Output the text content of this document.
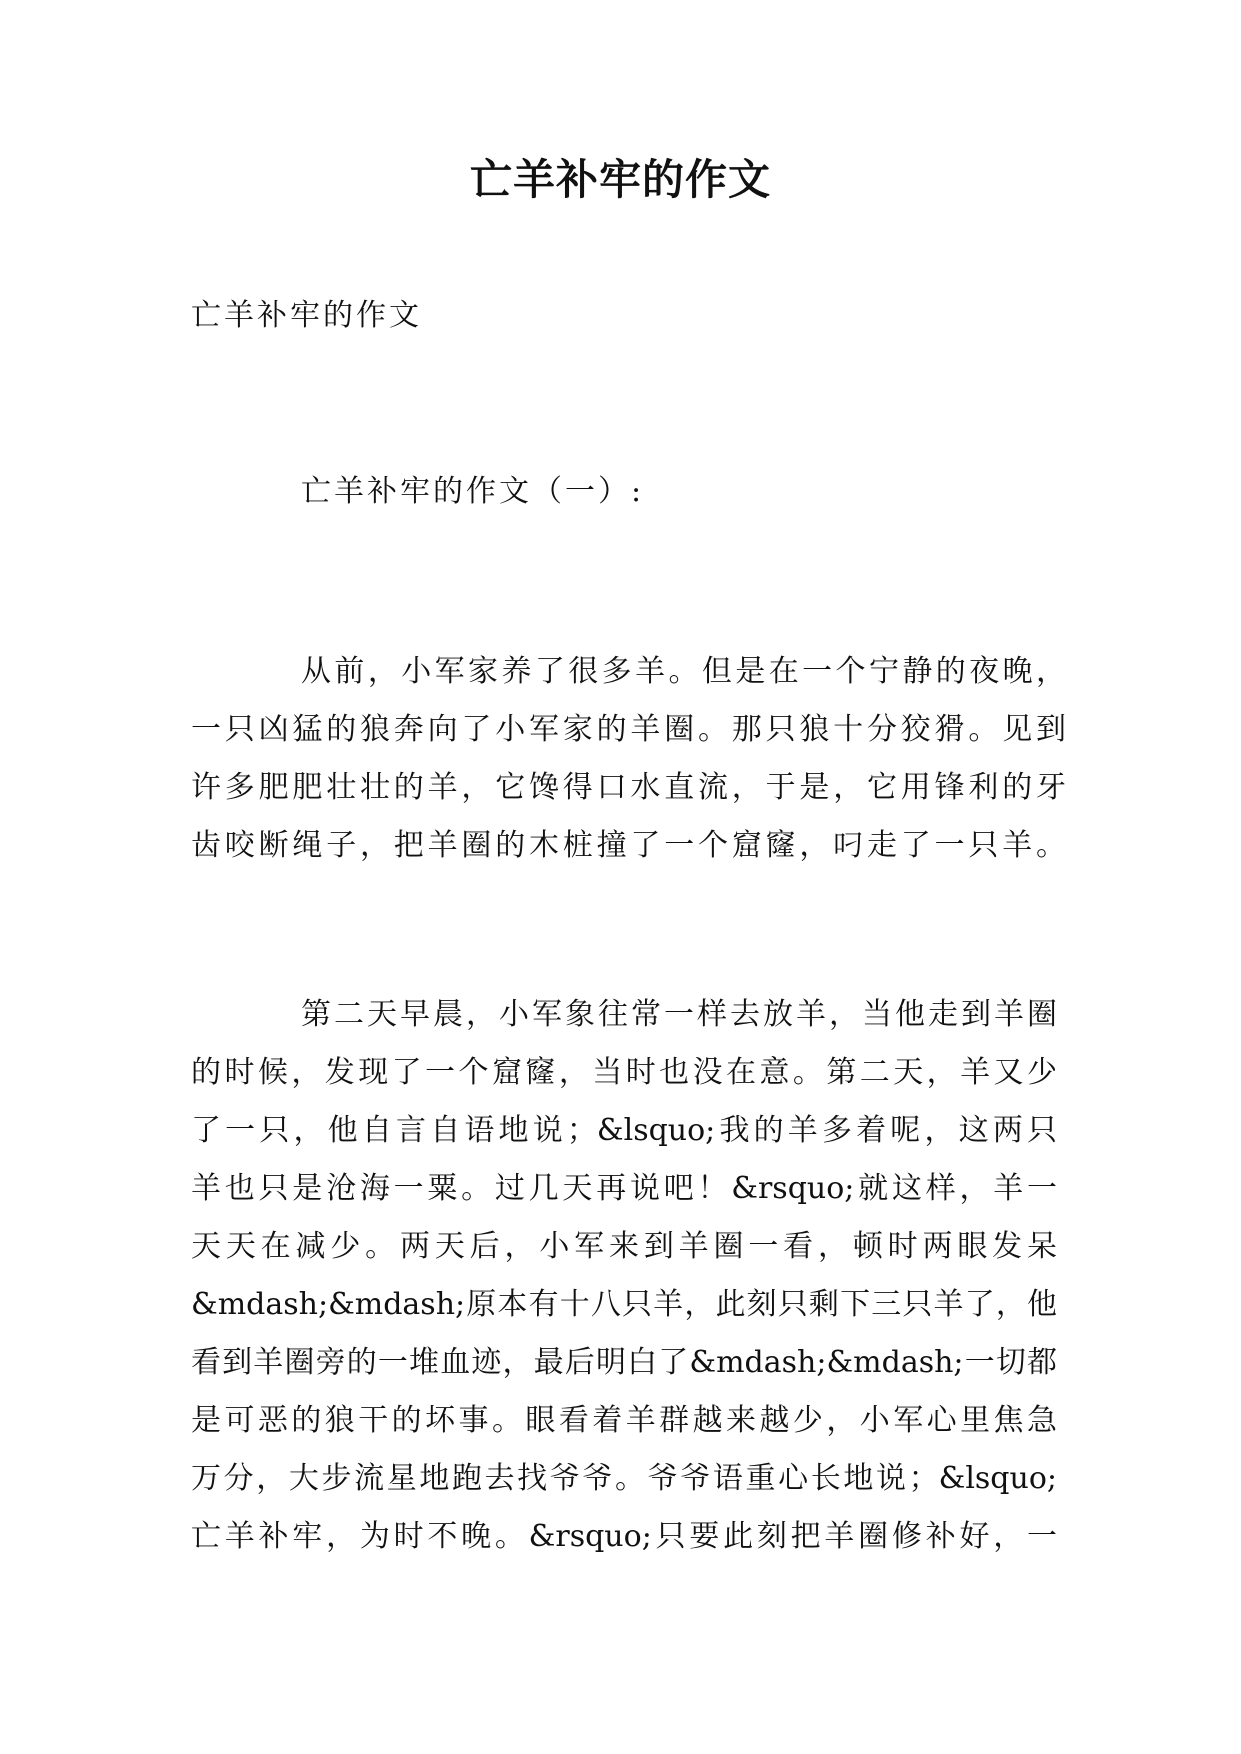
亡羊补牢的作文

亡羊补牢的作文

亡羊补牢的作文（一）:

从前，小军家养了很多羊。但是在一个宁静的夜晚，
一只凶猛的狼奔向了小军家的羊圈。那只狼十分狡猾。见到
许多肥肥壮壮的羊，它馋得口水直流，于是，它用锋利的牙
齿咬断绳子，把羊圈的木桩撞了一个窟窿，叼走了一只羊。
第二天早晨，小军象往常一样去放羊，当他走到羊圈
的时候，发现了一个窟窿，当时也没在意。第二天，羊又少
了一只，他自言自语地说；&lsquo;我的羊多着呢，这两只
羊也只是沧海一粟。过几天再说吧！&rsquo;就这样，羊一
天天在减少。两天后，小军来到羊圈一看，顿时两眼发呆
&mdash;&mdash;原本有十八只羊，此刻只剩下三只羊了，他
看到羊圈旁的一堆血迹，最后明白了&mdash;&mdash;一切都
是可恶的狼干的坏事。眼看着羊群越来越少，小军心里焦急
万分，大步流星地跑去找爷爷。爷爷语重心长地说；&lsquo;
亡羊补牢，为时不晚。&rsquo;只要此刻把羊圈修补好，一
